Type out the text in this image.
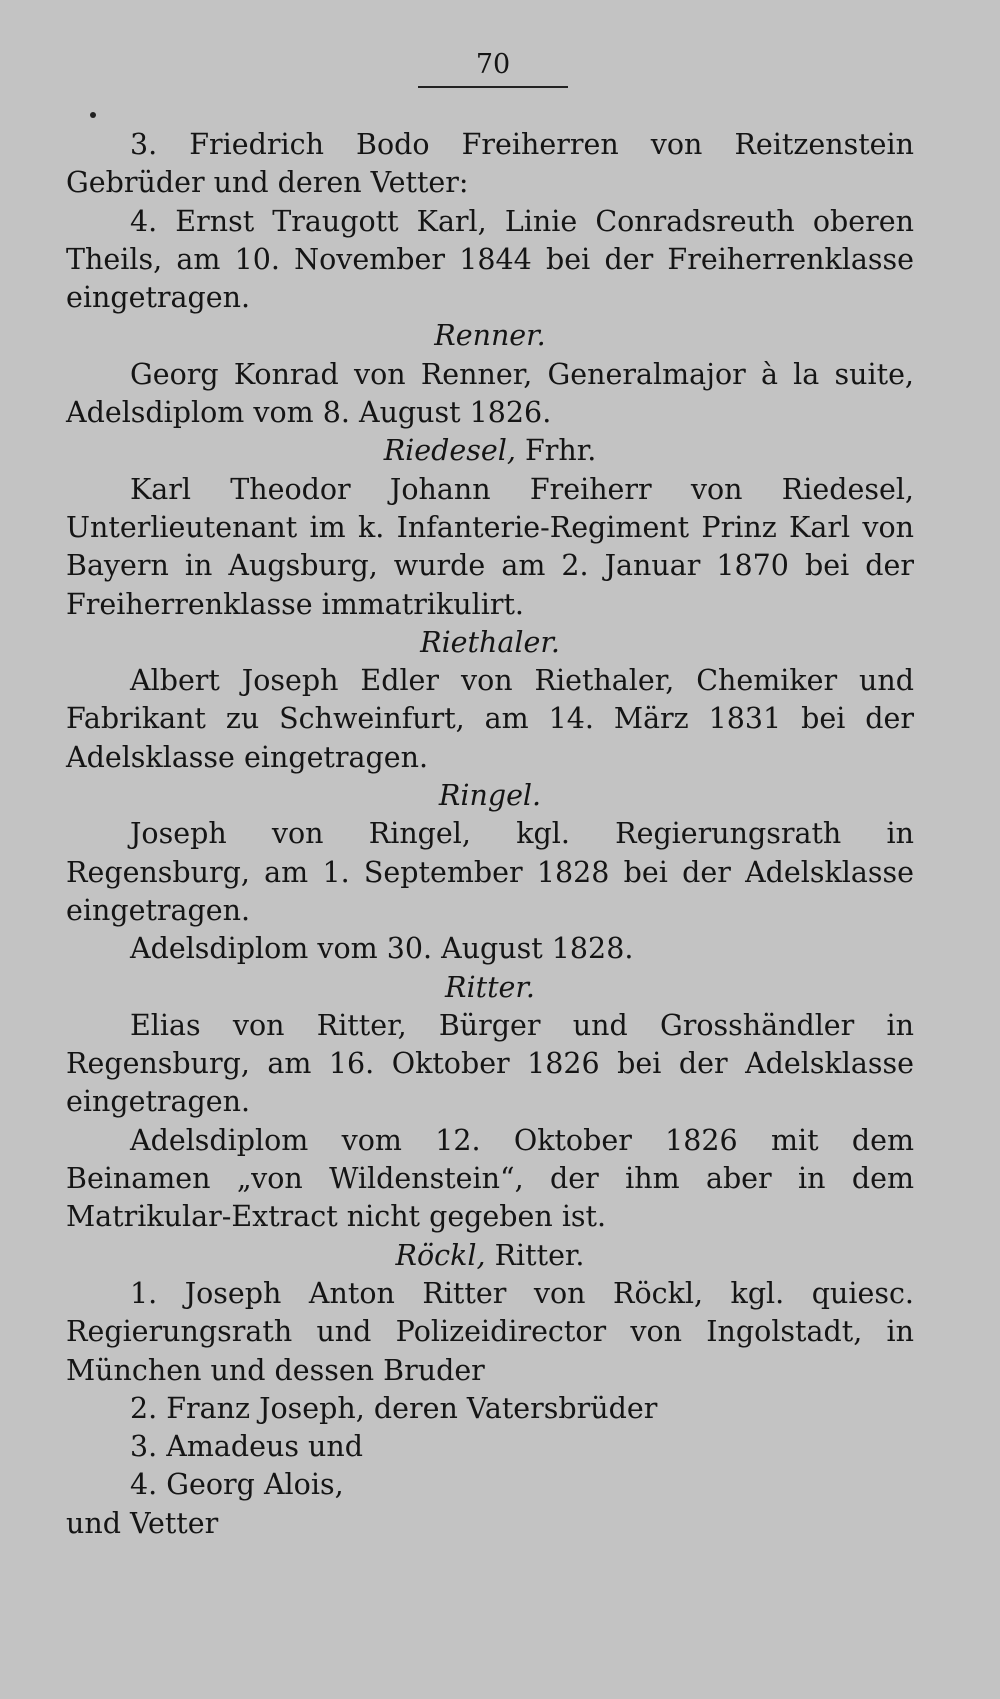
70

3. Friedrich Bodo Freiherren von Reitzenstein Gebrüder und deren Vetter:

4. Ernst Traugott Karl, Linie Conradsreuth oberen Theils, am 10. November 1844 bei der Freiherrenklasse eingetragen.

Renner.

Georg Konrad von Renner, Generalmajor à la suite, Adelsdiplom vom 8. August 1826.

Riedesel, Frhr.

Karl Theodor Johann Freiherr von Riedesel, Unterlieutenant im k. Infanterie-Regiment Prinz Karl von Bayern in Augsburg, wurde am 2. Januar 1870 bei der Freiherrenklasse immatrikulirt.

Riethaler.

Albert Joseph Edler von Riethaler, Chemiker und Fabrikant zu Schweinfurt, am 14. März 1831 bei der Adelsklasse eingetragen.

Ringel.

Joseph von Ringel, kgl. Regierungsrath in Regensburg, am 1. September 1828 bei der Adelsklasse eingetragen.

Adelsdiplom vom 30. August 1828.

Ritter.

Elias von Ritter, Bürger und Grosshändler in Regensburg, am 16. Oktober 1826 bei der Adelsklasse eingetragen.

Adelsdiplom vom 12. Oktober 1826 mit dem Beinamen „von Wildenstein“, der ihm aber in dem Matrikular-Extract nicht gegeben ist.

Röckl, Ritter.

1. Joseph Anton Ritter von Röckl, kgl. quiesc. Regierungsrath und Polizeidirector von Ingolstadt, in München und dessen Bruder

2. Franz Joseph, deren Vatersbrüder

3. Amadeus und

4. Georg Alois,

und Vetter
